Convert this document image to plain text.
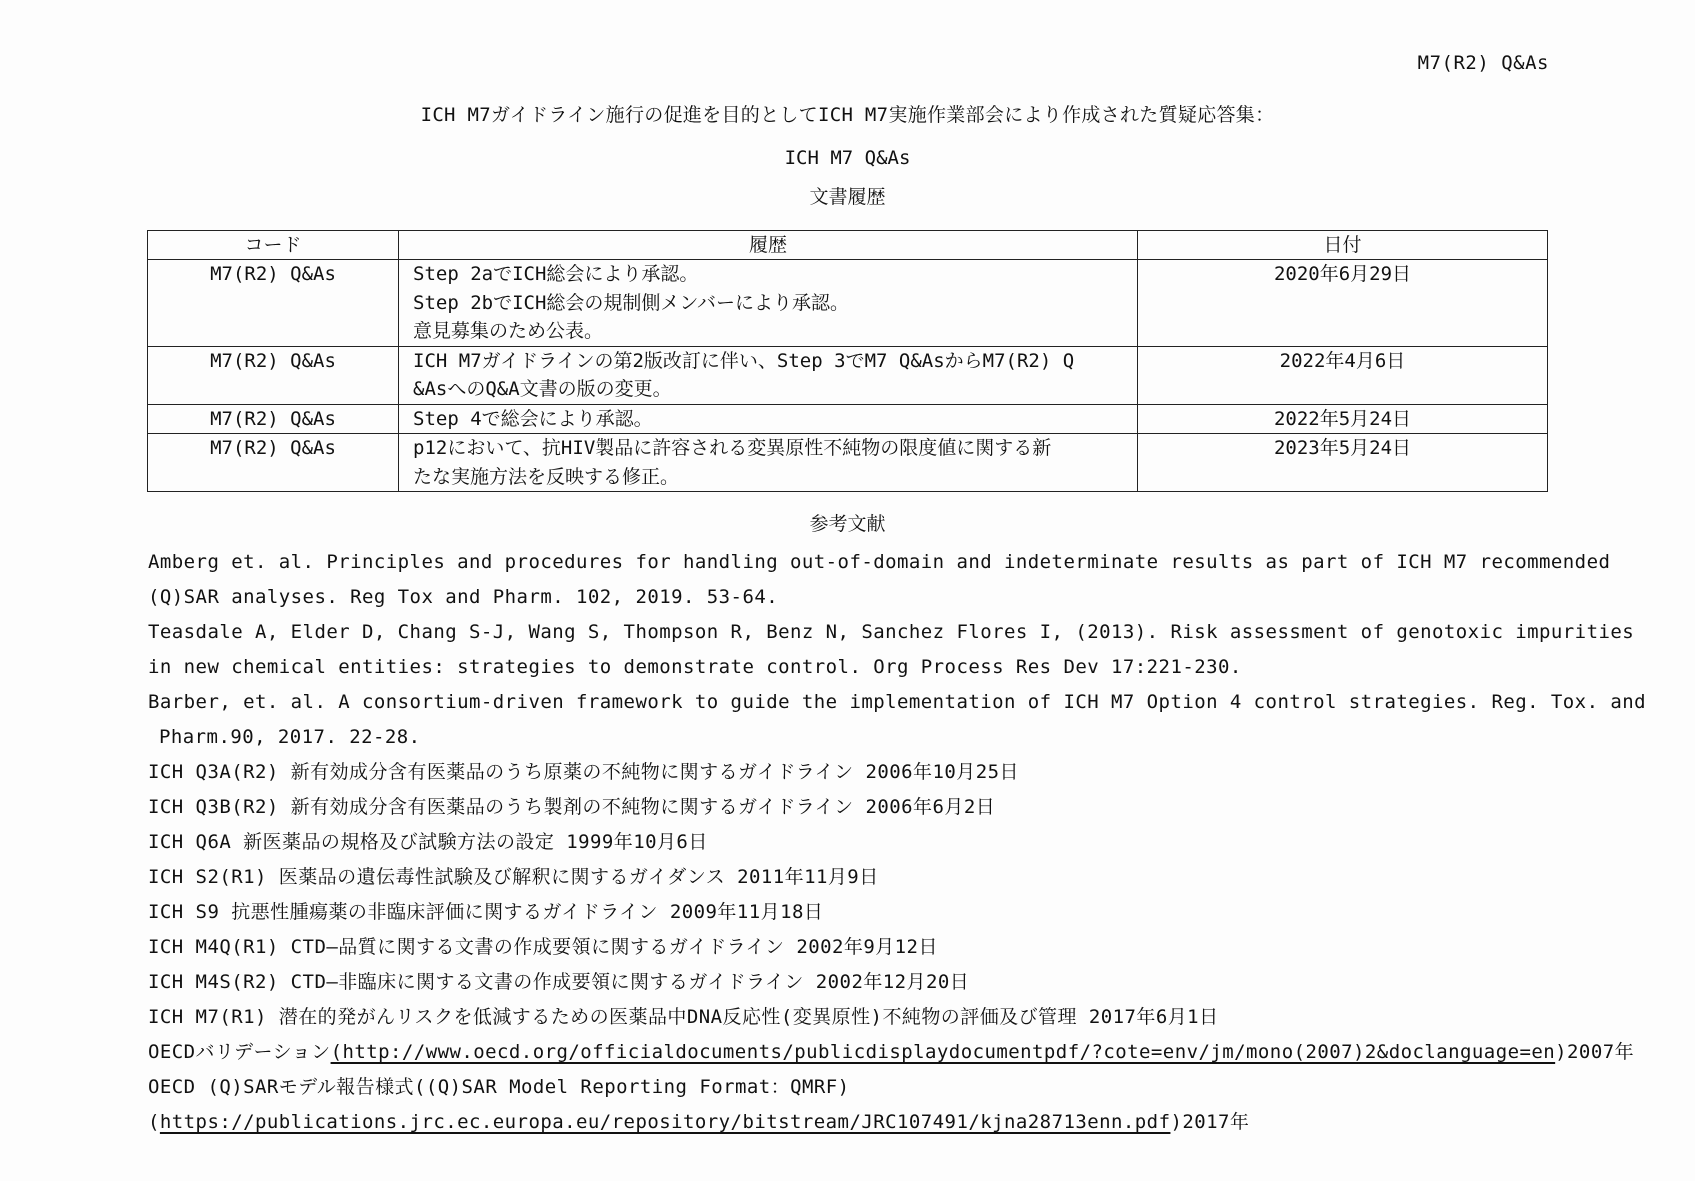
M7(R2) Q&As
ICH M7ガイドライン施行の促進を目的としてICH M7実施作業部会により作成された質疑応答集：
ICH M7 Q&As
文書履歴
コード	履歴	日付
M7(R2) Q&As	Step 2aでICH総会により承認。
Step 2bでICH総会の規制側メンバーにより承認。
意見募集のため公表。	2020年6月29日
M7(R2) Q&As	ICH M7ガイドラインの第2版改訂に伴い、Step 3でM7 Q&AsからM7(R2) Q
&AsへのQ&A文書の版の変更。	2022年4月6日
M7(R2) Q&As	Step 4で総会により承認。	2022年5月24日
M7(R2) Q&As	p12において、抗HIV製品に許容される変異原性不純物の限度値に関する新
たな実施方法を反映する修正。	2023年5月24日
参考文献
Amberg et. al. Principles and procedures for handling out-of-domain and indeterminate results as part of ICH M7 recommended
(Q)SAR analyses. Reg Tox and Pharm. 102, 2019. 53-64.
Teasdale A, Elder D, Chang S-J, Wang S, Thompson R, Benz N, Sanchez Flores I, (2013). Risk assessment of genotoxic impurities
in new chemical entities: strategies to demonstrate control. Org Process Res Dev 17:221-230.
Barber, et. al. A consortium-driven framework to guide the implementation of ICH M7 Option 4 control strategies. Reg. Tox. and
Pharm.90, 2017. 22-28.
ICH Q3A(R2) 新有効成分含有医薬品のうち原薬の不純物に関するガイドライン 2006年10月25日
ICH Q3B(R2) 新有効成分含有医薬品のうち製剤の不純物に関するガイドライン 2006年6月2日
ICH Q6A 新医薬品の規格及び試験方法の設定 1999年10月6日
ICH S2(R1) 医薬品の遺伝毒性試験及び解釈に関するガイダンス 2011年11月9日
ICH S9 抗悪性腫瘍薬の非臨床評価に関するガイドライン 2009年11月18日
ICH M4Q(R1) CTD—品質に関する文書の作成要領に関するガイドライン 2002年9月12日
ICH M4S(R2) CTD—非臨床に関する文書の作成要領に関するガイドライン 2002年12月20日
ICH M7(R1) 潜在的発がんリスクを低減するための医薬品中DNA反応性(変異原性)不純物の評価及び管理 2017年6月1日
OECDバリデーション(http://www.oecd.org/officialdocuments/publicdisplaydocumentpdf/?cote=env/jm/mono(2007)2&doclanguage=en)2007年
OECD (Q)SARモデル報告様式((Q)SAR Model Reporting Format：QMRF)
(https://publications.jrc.ec.europa.eu/repository/bitstream/JRC107491/kjna28713enn.pdf)2017年
